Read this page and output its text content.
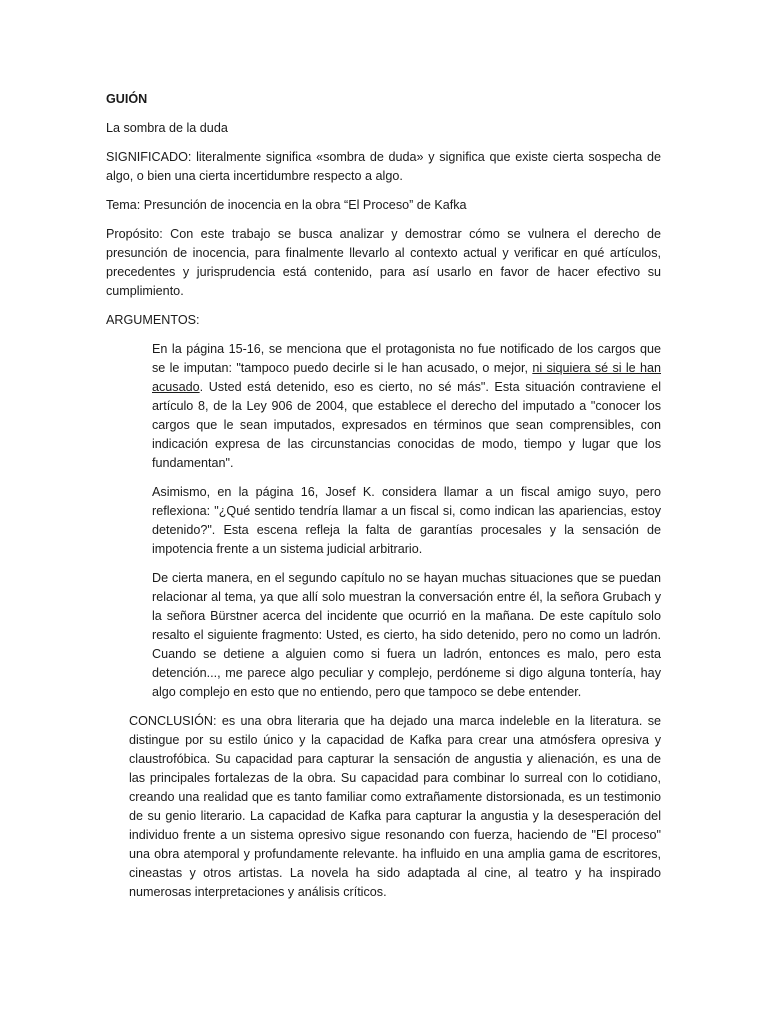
GUIÓN

La sombra de la duda

SIGNIFICADO: literalmente significa «sombra de duda» y significa que existe cierta sospecha de algo, o bien una cierta incertidumbre respecto a algo.

Tema: Presunción de inocencia en la obra “El Proceso” de Kafka

Propósito: Con este trabajo se busca analizar y demostrar cómo se vulnera el derecho de presunción de inocencia, para finalmente llevarlo al contexto actual y verificar en qué artículos, precedentes y jurisprudencia está contenido, para así usarlo en favor de hacer efectivo su cumplimiento.

ARGUMENTOS:

En la página 15-16, se menciona que el protagonista no fue notificado de los cargos que se le imputan: "tampoco puedo decirle si le han acusado, o mejor, ni siquiera sé si le han acusado. Usted está detenido, eso es cierto, no sé más". Esta situación contraviene el artículo 8, de la Ley 906 de 2004, que establece el derecho del imputado a "conocer los cargos que le sean imputados, expresados en términos que sean comprensibles, con indicación expresa de las circunstancias conocidas de modo, tiempo y lugar que los fundamentan".

Asimismo, en la página 16, Josef K. considera llamar a un fiscal amigo suyo, pero reflexiona: "¿Qué sentido tendría llamar a un fiscal si, como indican las apariencias, estoy detenido?". Esta escena refleja la falta de garantías procesales y la sensación de impotencia frente a un sistema judicial arbitrario.

De cierta manera, en el segundo capítulo no se hayan muchas situaciones que se puedan relacionar al tema, ya que allí solo muestran la conversación entre él, la señora Grubach y la señora Bürstner acerca del incidente que ocurrió en la mañana. De este capítulo solo resalto el siguiente fragmento: Usted, es cierto, ha sido detenido, pero no como un ladrón. Cuando se detiene a alguien como si fuera un ladrón, entonces es malo, pero esta detención..., me parece algo peculiar y complejo, perdóneme si digo alguna tontería, hay algo complejo en esto que no entiendo, pero que tampoco se debe entender.

CONCLUSIÓN: es una obra literaria que ha dejado una marca indeleble en la literatura. se distingue por su estilo único y la capacidad de Kafka para crear una atmósfera opresiva y claustrofóbica. Su capacidad para capturar la sensación de angustia y alienación, es una de las principales fortalezas de la obra. Su capacidad para combinar lo surreal con lo cotidiano, creando una realidad que es tanto familiar como extrañamente distorsionada, es un testimonio de su genio literario. La capacidad de Kafka para capturar la angustia y la desesperación del individuo frente a un sistema opresivo sigue resonando con fuerza, haciendo de "El proceso" una obra atemporal y profundamente relevante. ha influido en una amplia gama de escritores, cineastas y otros artistas. La novela ha sido adaptada al cine, al teatro y ha inspirado numerosas interpretaciones y análisis críticos.
